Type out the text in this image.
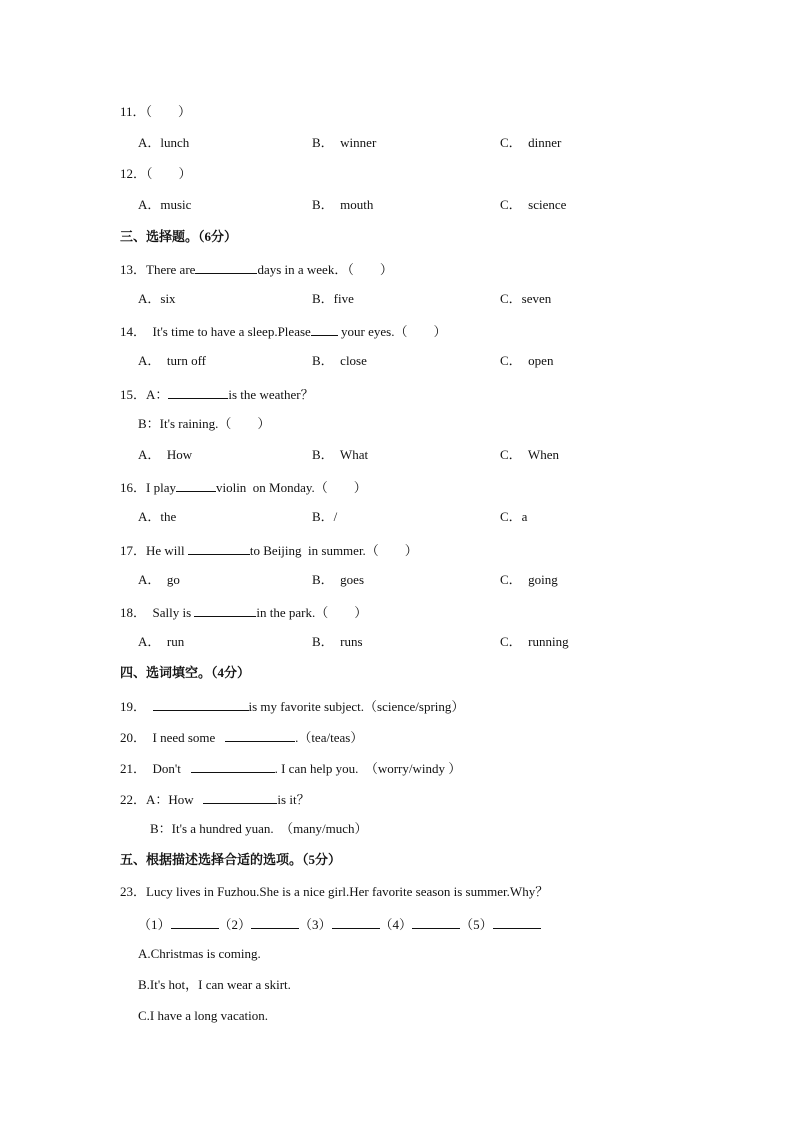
11．（　　）
A．lunch	B．  winner	C．  dinner
12．（　　）
A．music	B．  mouth	C．  science
三、选择题。（6分）
13．There are	days in a week．（　　）
A．six	B．five	C．seven
14．  It's time to have a sleep.Please your eyes.（　　）
A．  turn off	B．  close	C．  open
15．A：	is the weather？
B：It's raining.（　　）
A．  How	B．  What	C．  When
16．I play	violin  on Monday.（　　）
A．the	B．/	C．a
17．He will	to Beijing  in summer.（　　）
A．  go	B．  goes	C．  going
18．  Sally is	in the park.（　　）
A．  run	B．  runs	C．  running
四、选词填空。（4分）
19．	is my favorite subject.（science/spring）
20．  I need some	.（tea/teas）
21．  Don't	. I can help you.  （worry/windy ）
22．A：How	is it？
B：It's a hundred yuan.  （many/much）
五、根据描述选择合适的选项。（5分）
23．Lucy lives in Fuzhou.She is a nice girl.Her favorite season is summer.Why？
（1）	（2）	（3）	（4）	（5）
A.Christmas is coming.
B.It's hot，I can wear a skirt.
C.I have a long vacation.
